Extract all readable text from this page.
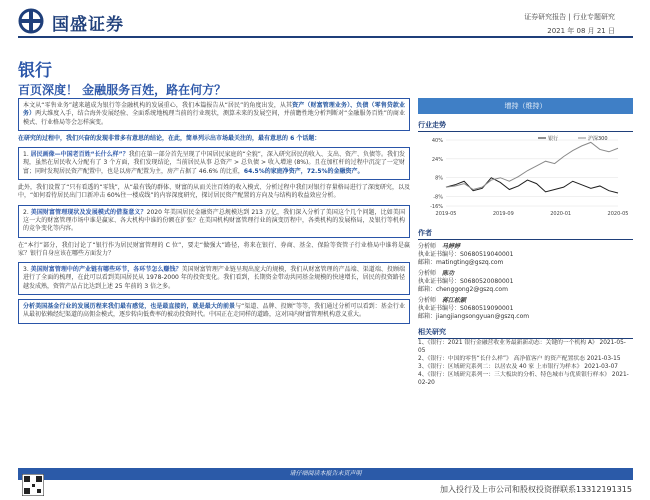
国盛证券	证券研究报告 | 行业专题研究
2021 年 08 月 21 日
银行
百页深度！ 金融服务百姓，路在何方？

本文从“零售业务”越来越成为银行等金融机构的发展重心，我们本篇报告从“居民”的角度出发，从其资产（财富管理业务）、负债（零售贷款业务）两大维度入手，结合海外发展经验、全面系统地梳理当前的行业现状，测算未来的发展空间，并前瞻性地分析判断对“金融服务百姓”的商业模式、行业格局等会怎样演变。

在研究的过程中，我们兴奋的发现非常多有意思的结论，在此，简单列示出市场最关注的，最有意思的 6 个话题：

1. 居民画像—中国老百姓“长什么样”？我们在第一部分首先呈现了中国居民家庭的“全貌”，深入研究居民的收入、支出、资产、负债等。我们发现，虽然在居民收入分配有了 3 个方面，我们发现结论，当前居民从事 总资产 > 总负债 > 收入增速 (8%)。且在加杠杆的过程中沉淀了一定财富；同时发现居民资产配置中，也是以房产配置为主，房产占据了 46.6% 的比重，64.5%的家庭净资产，72.5%的金融资产。

此外，我们设置了“只有看透的“零钱”，从“最有钱的群体、财富的从而关注百姓的收入模式、分析过程中我们对银行存量格局进行了深度研究，以及中，“如何看待居民出门口新冲击 60%往一楼成线”的内容深度研究，探讨居民资产配置的方向及与结构的收益效应分析。

2. 美国财富管理现状及发展模式的借鉴意义？2020 年美国居民金融资产总规模达到 213 万亿，我们深入分析了美国这个几个问题，比如美国这一大的财富管理市场中谁是赢家、各大机构中谁的份额在扩张？在美国机构财富管理行业的演变历程中，各类机构的发展格局，及银行等机构的竞争变化等内容。

在“本行”部分，我们讨论了“银行作为居民财富管理的 C 位”，要走“做强大”路径，将来在银行、券商、基金、保险等资管子行业格局中谁将是赢家？银行自身应该在哪些方面发力？

3. 美国财富管理中的产业链有哪些环节，各环节怎么赚钱？美国财富管理产业链呈现出庞大的规模，我们从财富管理的产品端、渠道端、投顾端进行了全面的梳理，在此可以看到美国居民从 1978-2000 年的投资变化。我们看到，长期资金带动共同基金规模的快速增长，居民的投资路径越发成熟，资管产品占比达到上述 25 年前的 3 倍之多。

分析美国基金行业的发展历程来我们最有感觉，也是最直接的，就是最大的前景与“渠道、品牌、投顾”等等，我们通过分析可以看到：基金行业从最初依赖经纪渠道的高佣金模式，逐步转向低费率的被动投资时代。中国正在走同样的道路，这对国内财富管理机构意义重大。

增持（维持）
行业走势
40%
24%
8%
-8%
-16%
2019-05	2019-09	2020-01	2020-05
银行	沪深300
作者
分析师　 马婷婷
执业证书编号：S0680519040001
邮箱：matingting@gszq.com
分析师　 陈功
执业证书编号：S0680520080001
邮箱：chenggong2@gszq.com
分析师　 蒋江松颖
执业证书编号：S0680519090001
邮箱：jiangjiangsongyuan@gszq.com
相关研究
1、《银行：2021 银行金融营收业务最新新动态：关键的一个机构 A》 2021-05-05
2、《银行：中国的零售“长什么样”》 高净值客户 的资产配置状态 2021-03-15
3、《银行：区域研究系列二：以居农及 40 家 上市银行为样本》 2021-03-07
4、《银行：区域研究系列一：三大板块的分析、特色城市与优质银行样本》 2021-02-20
请仔细阅读本报告末页声明
加入投行及上市公司和股权投资群联系13312191315
